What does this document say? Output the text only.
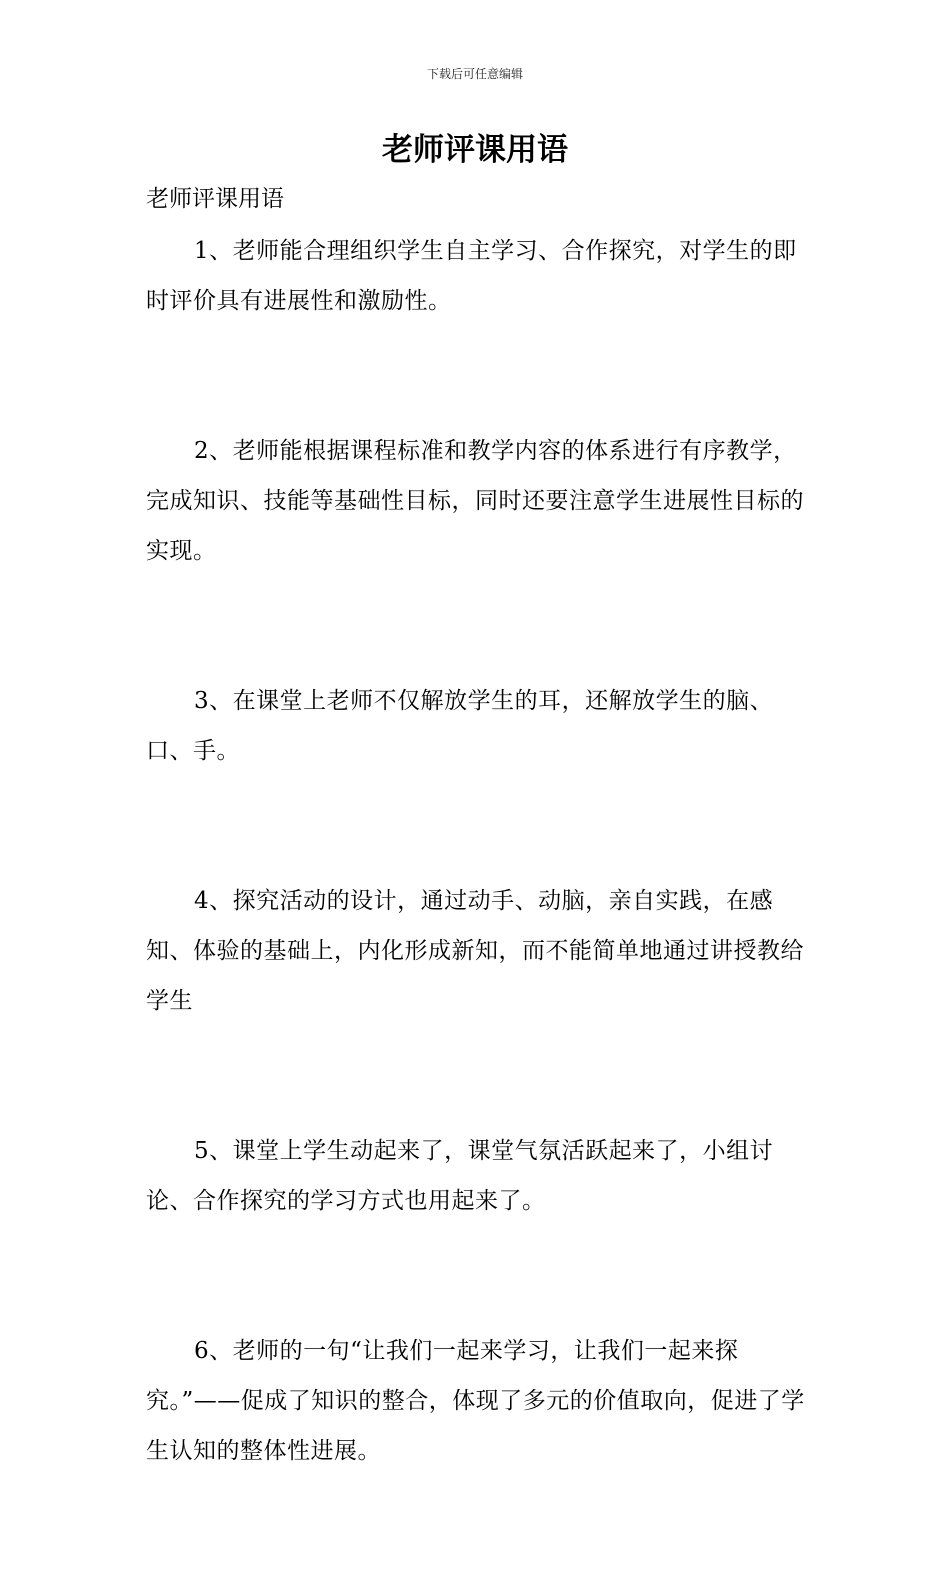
下载后可任意编辑
老师评课用语
老师评课用语

1、老师能合理组织学生自主学习、合作探究，对学生的即时评价具有进展性和激励性。

2、老师能根据课程标准和教学内容的体系进行有序教学，完成知识、技能等基础性目标，同时还要注意学生进展性目标的实现。

3、在课堂上老师不仅解放学生的耳，还解放学生的脑、口、手。

4、探究活动的设计，通过动手、动脑，亲自实践，在感知、体验的基础上，内化形成新知，而不能简单地通过讲授教给学生

5、课堂上学生动起来了，课堂气氛活跃起来了，小组讨论、合作探究的学习方式也用起来了。

6、老师的一句“让我们一起来学习，让我们一起来探究。”——促成了知识的整合，体现了多元的价值取向，促进了学生认知的整体性进展。
